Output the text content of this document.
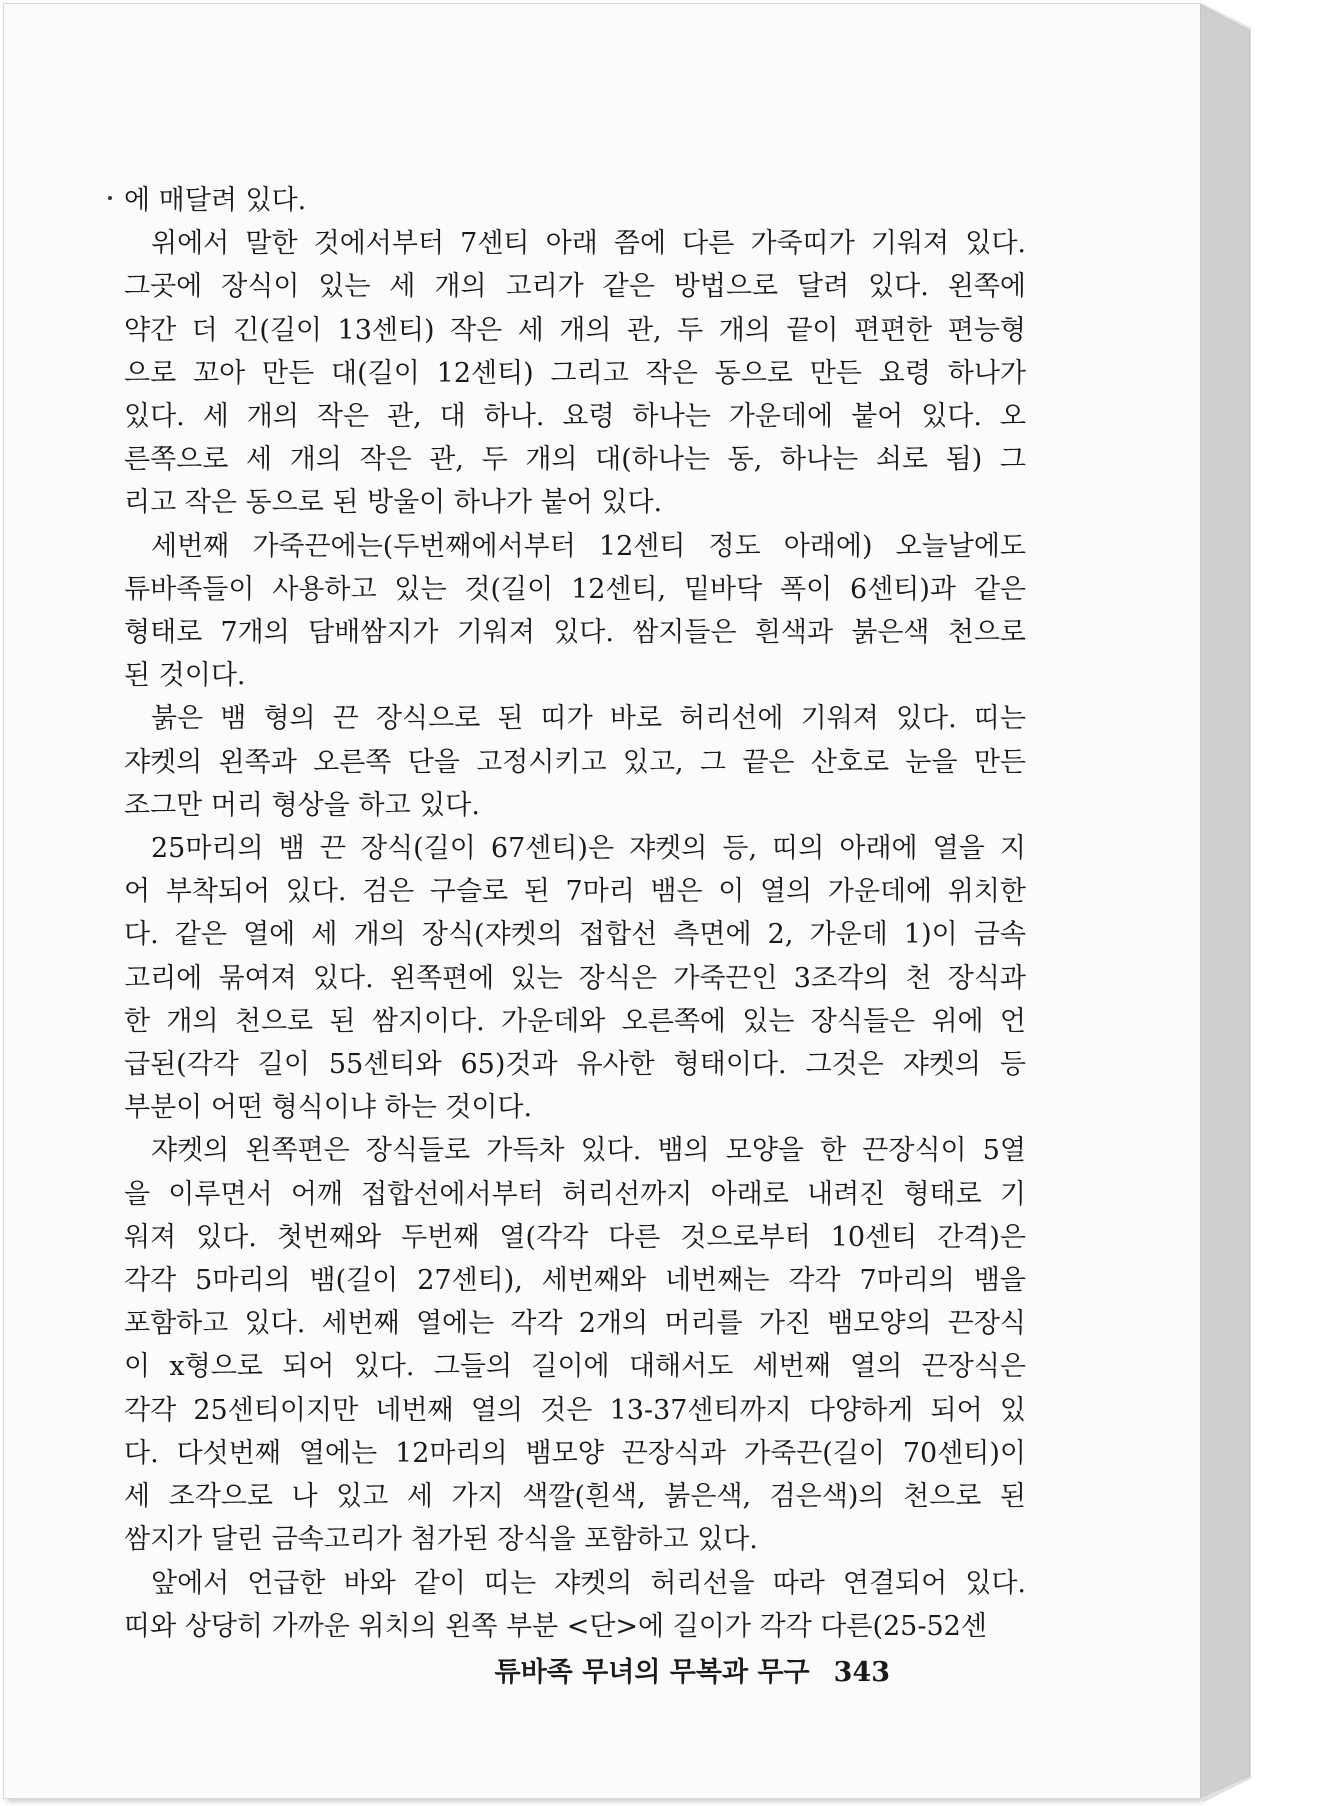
에 매달려 있다.

위에서 말한 것에서부터 7센티 아래 쯤에 다른 가죽띠가 기워져 있다.
그곳에 장식이 있는 세 개의 고리가 같은 방법으로 달려 있다. 왼쪽에
약간 더 긴(길이 13센티) 작은 세 개의 관, 두 개의 끝이 편편한 편능형
으로 꼬아 만든 대(길이 12센티) 그리고 작은 동으로 만든 요령 하나가
있다. 세 개의 작은 관, 대 하나. 요령 하나는 가운데에 붙어 있다. 오
른쪽으로 세 개의 작은 관, 두 개의 대(하나는 동, 하나는 쇠로 됨) 그
리고 작은 동으로 된 방울이 하나가 붙어 있다.

세번째 가죽끈에는(두번째에서부터 12센티 정도 아래에) 오늘날에도
튜바족들이 사용하고 있는 것(길이 12센티, 밑바닥 폭이 6센티)과 같은
형태로 7개의 담배쌈지가 기워져 있다. 쌈지들은 흰색과 붉은색 천으로
된 것이다.

붉은 뱀 형의 끈 장식으로 된 띠가 바로 허리선에 기워져 있다. 띠는
쟈켓의 왼쪽과 오른쪽 단을 고정시키고 있고, 그 끝은 산호로 눈을 만든
조그만 머리 형상을 하고 있다.

25마리의 뱀 끈 장식(길이 67센티)은 쟈켓의 등, 띠의 아래에 열을 지
어 부착되어 있다. 검은 구슬로 된 7마리 뱀은 이 열의 가운데에 위치한
다. 같은 열에 세 개의 장식(쟈켓의 접합선 측면에 2, 가운데 1)이 금속
고리에 묶여져 있다. 왼쪽편에 있는 장식은 가죽끈인 3조각의 천 장식과
한 개의 천으로 된 쌈지이다. 가운데와 오른쪽에 있는 장식들은 위에 언
급된(각각 길이 55센티와 65)것과 유사한 형태이다. 그것은 쟈켓의 등
부분이 어떤 형식이냐 하는 것이다.

쟈켓의 왼쪽편은 장식들로 가득차 있다. 뱀의 모양을 한 끈장식이 5열
을 이루면서 어깨 접합선에서부터 허리선까지 아래로 내려진 형태로 기
워져 있다. 첫번째와 두번째 열(각각 다른 것으로부터 10센티 간격)은
각각 5마리의 뱀(길이 27센티), 세번째와 네번째는 각각 7마리의 뱀을
포함하고 있다. 세번째 열에는 각각 2개의 머리를 가진 뱀모양의 끈장식
이 x형으로 되어 있다. 그들의 길이에 대해서도 세번째 열의 끈장식은
각각 25센티이지만 네번째 열의 것은 13-37센티까지 다양하게 되어 있
다. 다섯번째 열에는 12마리의 뱀모양 끈장식과 가죽끈(길이 70센티)이
세 조각으로 나 있고 세 가지 색깔(흰색, 붉은색, 검은색)의 천으로 된
쌈지가 달린 금속고리가 첨가된 장식을 포함하고 있다.

앞에서 언급한 바와 같이 띠는 쟈켓의 허리선을 따라 연결되어 있다.
띠와 상당히 가까운 위치의 왼쪽 부분 <단>에 길이가 각각 다른(25-52센

튜바족 무녀의 무복과 무구 343
